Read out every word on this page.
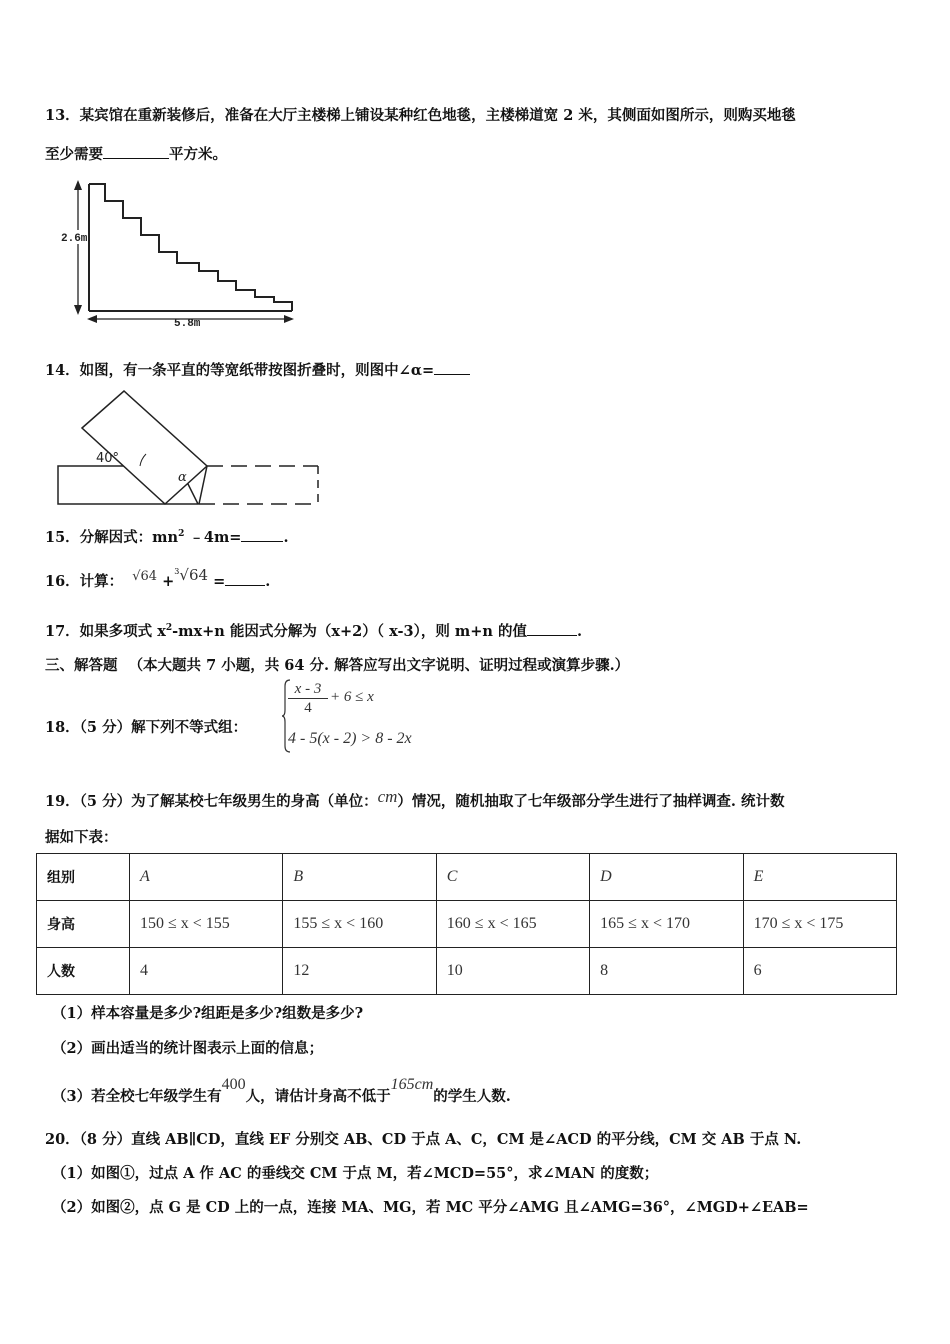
13．某宾馆在重新装修后，准备在大厅主楼梯上铺设某种红色地毯，主楼梯道宽 2 米，其侧面如图所示，则购买地毯
至少需要	平方米。
2.6m
5.8m
14．如图，有一条平直的等宽纸带按图折叠时，则图中∠α=
40°
α
15．分解因式：$mn^2$ ﹣4m=	.
16．计算： √64 +$^3$√64 =	.
17．如果多项式 $x^2-mx+n$ 能因式分解为（x+2）（ x-3），则 m+n 的值	.
三、解答题 （本大题共 7 小题，共 64 分. 解答应写出文字说明、证明过程或演算步骤.）
18．（5 分）解下列不等式组：
$\frac{x - 3}{4} + 6 \le x$
4 - 5(x - 2) > 8 - 2x
19．（5 分）为了解某校七年级男生的身高（单位：cm）情况，随机抽取了七年级部分学生进行了抽样调查. 统计数
据如下表：
组别	A	B	C	D	E
身高	150 ≤ x < 155	155 ≤ x < 160	160 ≤ x < 165	165 ≤ x < 170	170 ≤ x < 175
人数	4	12	10	8	6
（1）样本容量是多少?组距是多少?组数是多少?
（2）画出适当的统计图表示上面的信息；
（3）若全校七年级学生有400人，请估计身高不低于165cm的学生人数.
20．（8 分）直线 AB∥CD，直线 EF 分别交 AB、CD 于点 A、C，CM 是∠ACD 的平分线，CM 交 AB 于点 N.
（1）如图①，过点 A 作 AC 的垂线交 CM 于点 M，若∠MCD=55°，求∠MAN 的度数；
（2）如图②，点 G 是 CD 上的一点，连接 MA、MG，若 MC 平分∠AMG 且∠AMG=36°，∠MGD+∠EAB=
